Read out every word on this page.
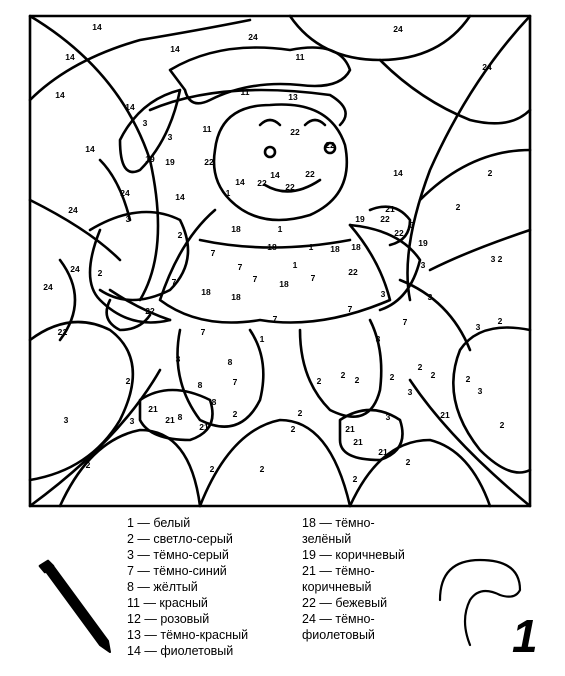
14
14
24
24
14
24
11
11
14	13
14
3
14
11	22
3
19 19	22
22
14
14
22
14
1
22
22
14
3
24
24
3
2
18	1
18	1 18
7
18
19 22
22
21
19
3
7
22
2
24
24
2
7	1
7	7
18 18
22
18
3	3
2	7
7
7
7
3
2
2
8
1
7
3
2
3
3
8	2
8
2
2
2
2
2
8
21
21
21
2
21
21
3
2	2	2
2
3
21
2
2
2
21
3
2
3
2
3
2
2
1 — белый
2 — светло-серый
3 — тёмно-серый
7 — тёмно-синий
8 — жёлтый
11 — красный
12 — розовый
13 — тёмно-красный
14 — фиолетовый
18 — тёмно-
зелёный
19 — коричневый
21 — тёмно-
коричневый
22 — бежевый
24 — тёмно-
фиолетовый	1
